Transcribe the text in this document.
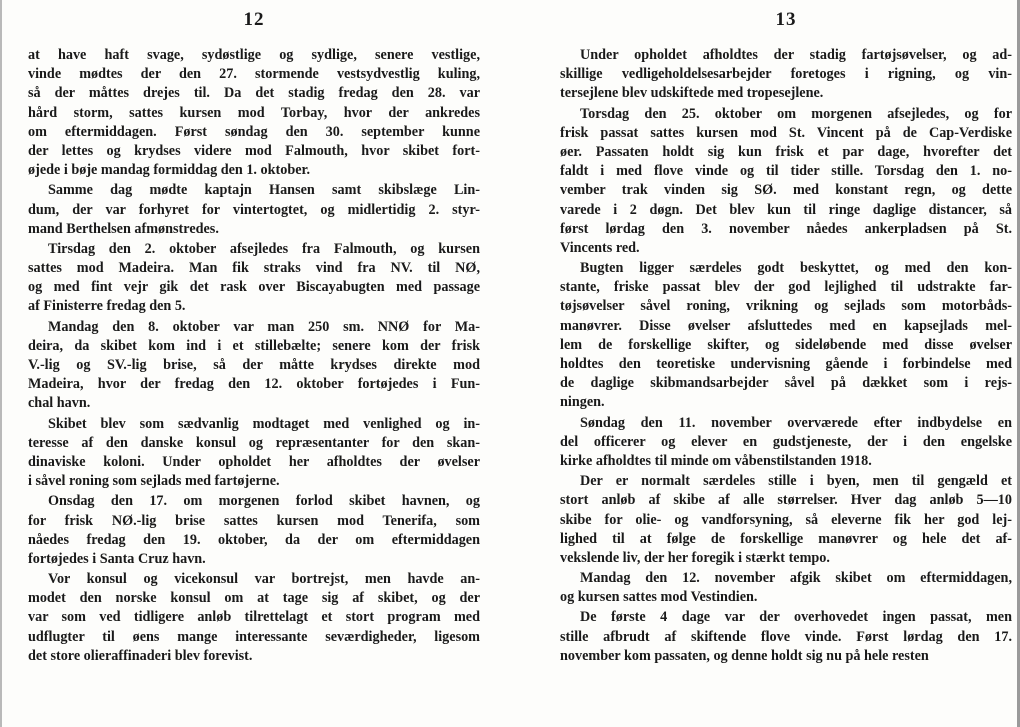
12
at have haft svage, sydøstlige og sydlige, senere vestlige,
vinde mødtes der den 27. stormende vestsydvestlig kuling,
så der måttes drejes til. Da det stadig fredag den 28. var
hård storm, sattes kursen mod Torbay, hvor der ankredes
om eftermiddagen. Først søndag den 30. september kunne
der lettes og krydses videre mod Falmouth, hvor skibet fort-
øjede i bøje mandag formiddag den 1. oktober.
Samme dag mødte kaptajn Hansen samt skibslæge Lin-
dum, der var forhyret for vintertogtet, og midlertidig 2. styr-
mand Berthelsen afmønstredes.
Tirsdag den 2. oktober afsejledes fra Falmouth, og kursen
sattes mod Madeira. Man fik straks vind fra NV. til NØ,
og med fint vejr gik det rask over Biscayabugten med passage
af Finisterre fredag den 5.
Mandag den 8. oktober var man 250 sm. NNØ for Ma-
deira, da skibet kom ind i et stillebælte; senere kom der frisk
V.-lig og SV.-lig brise, så der måtte krydses direkte mod
Madeira, hvor der fredag den 12. oktober fortøjedes i Fun-
chal havn.
Skibet blev som sædvanlig modtaget med venlighed og in-
teresse af den danske konsul og repræsentanter for den skan-
dinaviske koloni. Under opholdet her afholdtes der øvelser
i såvel roning som sejlads med fartøjerne.
Onsdag den 17. om morgenen forlod skibet havnen, og
for frisk NØ.-lig brise sattes kursen mod Tenerifa, som
nåedes fredag den 19. oktober, da der om eftermiddagen
fortøjedes i Santa Cruz havn.
Vor konsul og vicekonsul var bortrejst, men havde an-
modet den norske konsul om at tage sig af skibet, og der
var som ved tidligere anløb tilrettelagt et stort program med
udflugter til øens mange interessante seværdigheder, ligesom
det store olieraffinaderi blev forevist.
13
Under opholdet afholdtes der stadig fartøjsøvelser, og ad-
skillige vedligeholdelsesarbejder foretoges i rigning, og vin-
tersejlene blev udskiftede med tropesejlene.
Torsdag den 25. oktober om morgenen afsejledes, og for
frisk passat sattes kursen mod St. Vincent på de Cap-Verdiske
øer. Passaten holdt sig kun frisk et par dage, hvorefter det
faldt i med flove vinde og til tider stille. Torsdag den 1. no-
vember trak vinden sig SØ. med konstant regn, og dette
varede i 2 døgn. Det blev kun til ringe daglige distancer, så
først lørdag den 3. november nåedes ankerpladsen på St.
Vincents red.
Bugten ligger særdeles godt beskyttet, og med den kon-
stante, friske passat blev der god lejlighed til udstrakte far-
tøjsøvelser såvel roning, vrikning og sejlads som motorbåds-
manøvrer. Disse øvelser afsluttedes med en kapsejlads mel-
lem de forskellige skifter, og sideløbende med disse øvelser
holdtes den teoretiske undervisning gående i forbindelse med
de daglige skibmandsarbejder såvel på dækket som i rejs-
ningen.
Søndag den 11. november overværede efter indbydelse en
del officerer og elever en gudstjeneste, der i den engelske
kirke afholdtes til minde om våbenstilstanden 1918.
Der er normalt særdeles stille i byen, men til gengæld et
stort anløb af skibe af alle størrelser. Hver dag anløb 5—10
skibe for olie- og vandforsyning, så eleverne fik her god lej-
lighed til at følge de forskellige manøvrer og hele det af-
vekslende liv, der her foregik i stærkt tempo.
Mandag den 12. november afgik skibet om eftermiddagen,
og kursen sattes mod Vestindien.
De første 4 dage var der overhovedet ingen passat, men
stille afbrudt af skiftende flove vinde. Først lørdag den 17.
november kom passaten, og denne holdt sig nu på hele resten
